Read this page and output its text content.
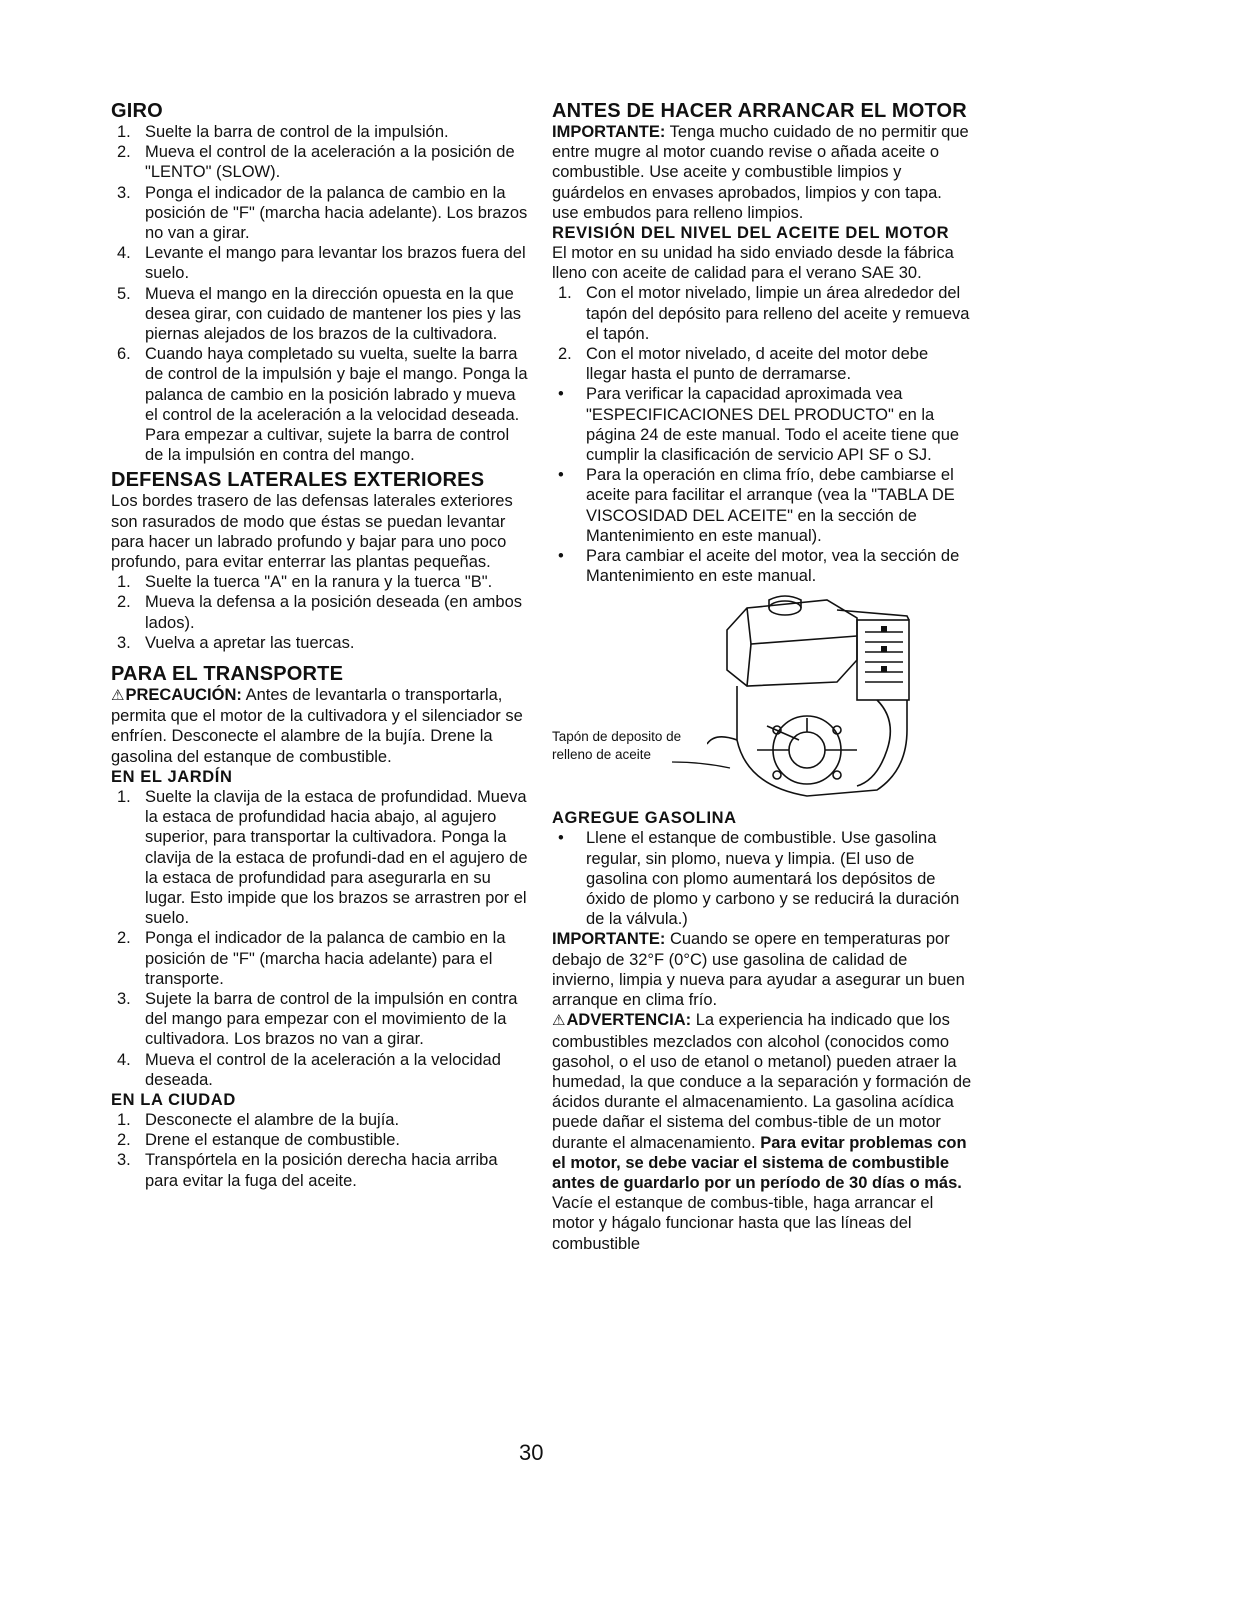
GIRO
1. Suelte la barra de control de la impulsión.
2. Mueva el control de la aceleración a la posición de "LENTO" (SLOW).
3. Ponga el indicador de la palanca de cambio en la posición de "F" (marcha hacia adelante). Los brazos no van a girar.
4. Levante el mango para levantar los brazos fuera del suelo.
5. Mueva el mango en la dirección opuesta en la que desea girar, con cuidado de mantener los pies y las piernas alejados de los brazos de la cultivadora.
6. Cuando haya completado su vuelta, suelte la barra de control de la impulsión y baje el mango. Ponga la palanca de cambio en la posición labrado y mueva el control de la aceleración a la velocidad deseada. Para empezar a cultivar, sujete la barra de control de la impulsión en contra del mango.
DEFENSAS LATERALES EXTERIORES

Los bordes trasero de las defensas laterales exteriores son rasurados de modo que éstas se puedan levantar para hacer un labrado profundo y bajar para uno poco profundo, para evitar enterrar las plantas pequeñas.

1. Suelte la tuerca "A" en la ranura y la tuerca "B".
2. Mueva la defensa a la posición deseada (en ambos lados).
3. Vuelva a apretar las tuercas.
PARA EL TRANSPORTE

⚠PRECAUCIÓN: Antes de levantarla o transportarla, permita que el motor de la cultivadora y el silenciador se enfríen. Desconecte el alambre de la bujía. Drene la gasolina del estanque de combustible.

EN EL JARDÍN
1. Suelte la clavija de la estaca de profundidad. Mueva la estaca de profundidad hacia abajo, al agujero superior, para transportar la cultivadora. Ponga la clavija de la estaca de profundi-dad en el agujero de la estaca de profundidad para asegurarla en su lugar. Esto impide que los brazos se arrastren por el suelo.
2. Ponga el indicador de la palanca de cambio en la posición de "F" (marcha hacia adelante) para el transporte.
3. Sujete la barra de control de la impulsión en contra del mango para empezar con el movimiento de la cultivadora. Los brazos no van a girar.
4. Mueva el control de la aceleración a la velocidad deseada.
EN LA CIUDAD
1. Desconecte el alambre de la bujía.
2. Drene el estanque de combustible.
3. Transpórtela en la posición derecha hacia arriba para evitar la fuga del aceite.
ANTES DE HACER ARRANCAR EL MOTOR

IMPORTANTE: Tenga mucho cuidado de no permitir que entre mugre al motor cuando revise o añada aceite o combustible. Use aceite y combustible limpios y guárdelos en envases aprobados, limpios y con tapa. use embudos para relleno limpios.

REVISIÓN DEL NIVEL DEL ACEITE DEL MOTOR

El motor en su unidad ha sido enviado desde la fábrica lleno con aceite de calidad para el verano SAE 30.

1. Con el motor nivelado, limpie un área alrededor del tapón del depósito para relleno del aceite y remueva el tapón.
2. Con el motor nivelado, d aceite del motor debe llegar hasta el punto de derramarse.
• Para verificar la capacidad aproximada vea "ESPECIFICACIONES DEL PRODUCTO" en la página 24 de este manual. Todo el aceite tiene que cumplir la clasificación de servicio API SF o SJ.
• Para la operación en clima frío, debe cambiarse el aceite para facilitar el arranque (vea la "TABLA DE VISCOSIDAD DEL ACEITE" en la sección de Mantenimiento en este manual).
• Para cambiar el aceite del motor, vea la sección de Mantenimiento en este manual.
Tapón de deposito de
relleno de aceite
AGREGUE GASOLINA
• Llene el estanque de combustible. Use gasolina regular, sin plomo, nueva y limpia. (El uso de gasolina con plomo aumentará los depósitos de óxido de plomo y carbono y se reducirá la duración de la válvula.)

IMPORTANTE: Cuando se opere en temperaturas por debajo de 32°F (0°C) use gasolina de calidad de invierno, limpia y nueva para ayudar a asegurar un buen arranque en clima frío.

⚠ADVERTENCIA: La experiencia ha indicado que los combustibles mezclados con alcohol (conocidos como gasohol, o el uso de etanol o metanol) pueden atraer la humedad, la que conduce a la separación y formación de ácidos durante el almacenamiento. La gasolina acídica puede dañar el sistema del combus-tible de un motor durante el almacenamiento. Para evitar problemas con el motor, se debe vaciar el sistema de combustible antes de guardarlo por un período de 30 días o más. Vacíe el estanque de combus-tible, haga arrancar el motor y hágalo funcionar hasta que las líneas del combustible

30
